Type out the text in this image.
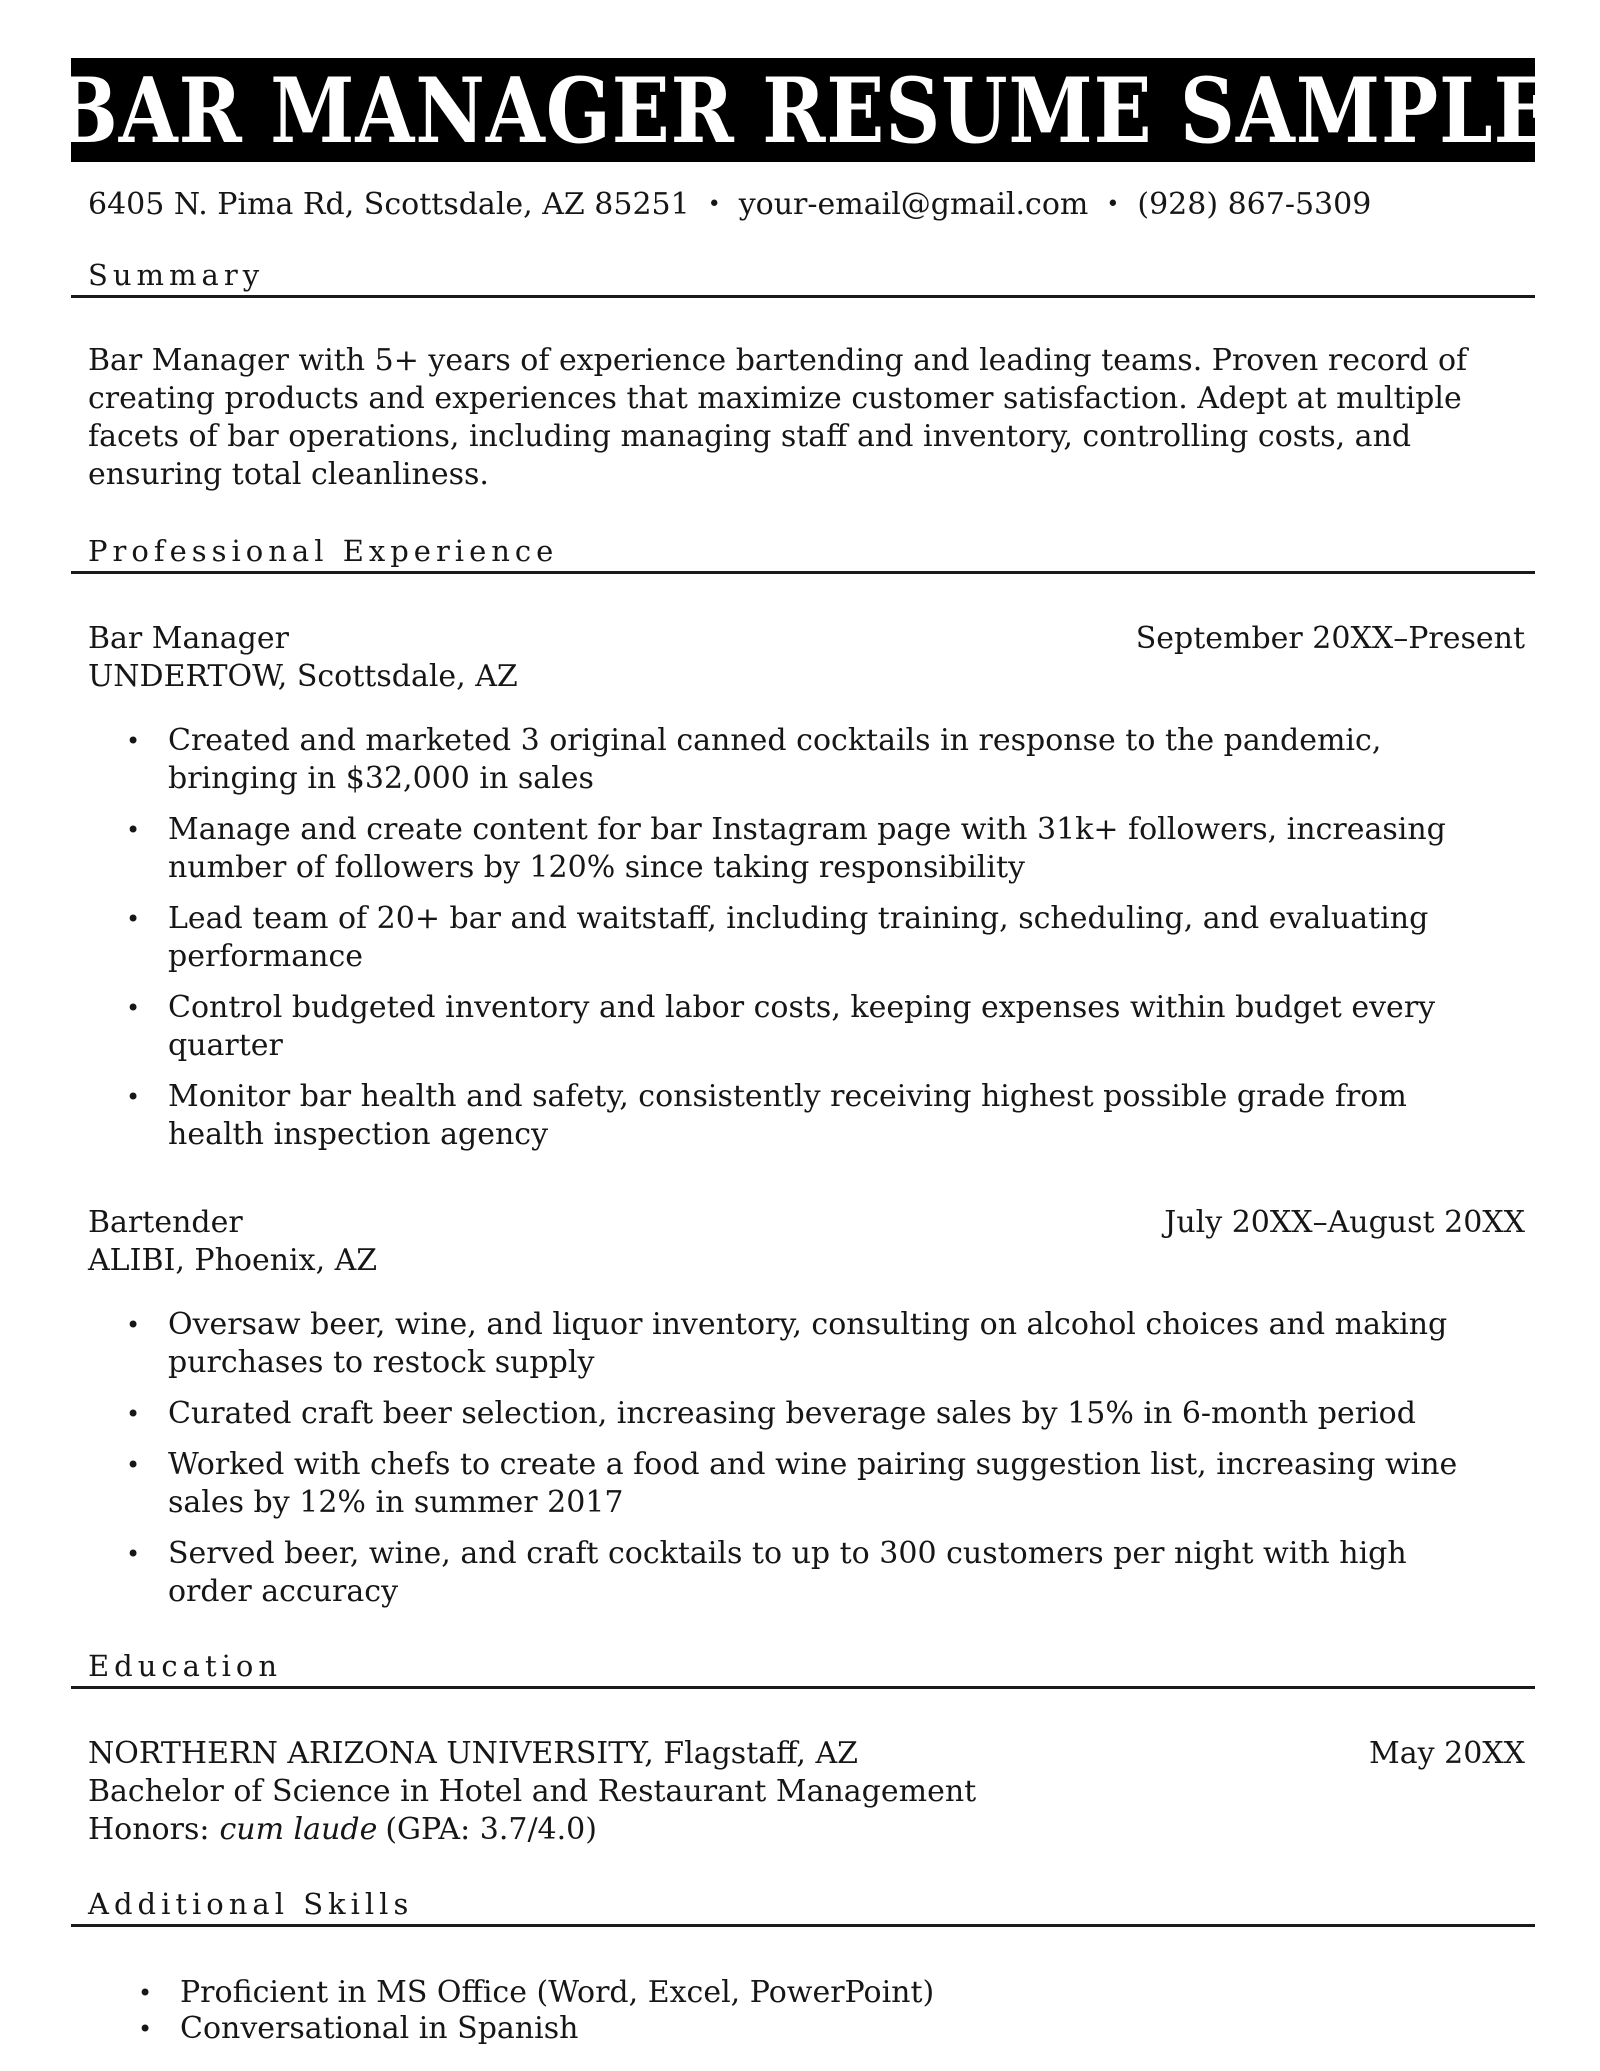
BAR MANAGER RESUME SAMPLE
6405 N. Pima Rd, Scottsdale, AZ 85251 • your-email@gmail.com • (928) 867-5309
Summary

Bar Manager with 5+ years of experience bartending and leading teams. Proven record of creating products and experiences that maximize customer satisfaction. Adept at multiple facets of bar operations, including managing staff and inventory, controlling costs, and ensuring total cleanliness.

Professional Experience
Bar Manager	September 20XX–Present
UNDERTOW, Scottsdale, AZ
• Created and marketed 3 original canned cocktails in response to the pandemic, bringing in $32,000 in sales
• Manage and create content for bar Instagram page with 31k+ followers, increasing number of followers by 120% since taking responsibility
• Lead team of 20+ bar and waitstaff, including training, scheduling, and evaluating performance
• Control budgeted inventory and labor costs, keeping expenses within budget every quarter
• Monitor bar health and safety, consistently receiving highest possible grade from health inspection agency
Bartender	July 20XX–August 20XX
ALIBI, Phoenix, AZ
• Oversaw beer, wine, and liquor inventory, consulting on alcohol choices and making purchases to restock supply
• Curated craft beer selection, increasing beverage sales by 15% in 6-month period
• Worked with chefs to create a food and wine pairing suggestion list, increasing wine sales by 12% in summer 2017
• Served beer, wine, and craft cocktails to up to 300 customers per night with high order accuracy
Education
NORTHERN ARIZONA UNIVERSITY, Flagstaff, AZ	May 20XX
Bachelor of Science in Hotel and Restaurant Management
Honors: cum laude (GPA: 3.7/4.0)
Additional Skills
• Proficient in MS Office (Word, Excel, PowerPoint)
• Conversational in Spanish
